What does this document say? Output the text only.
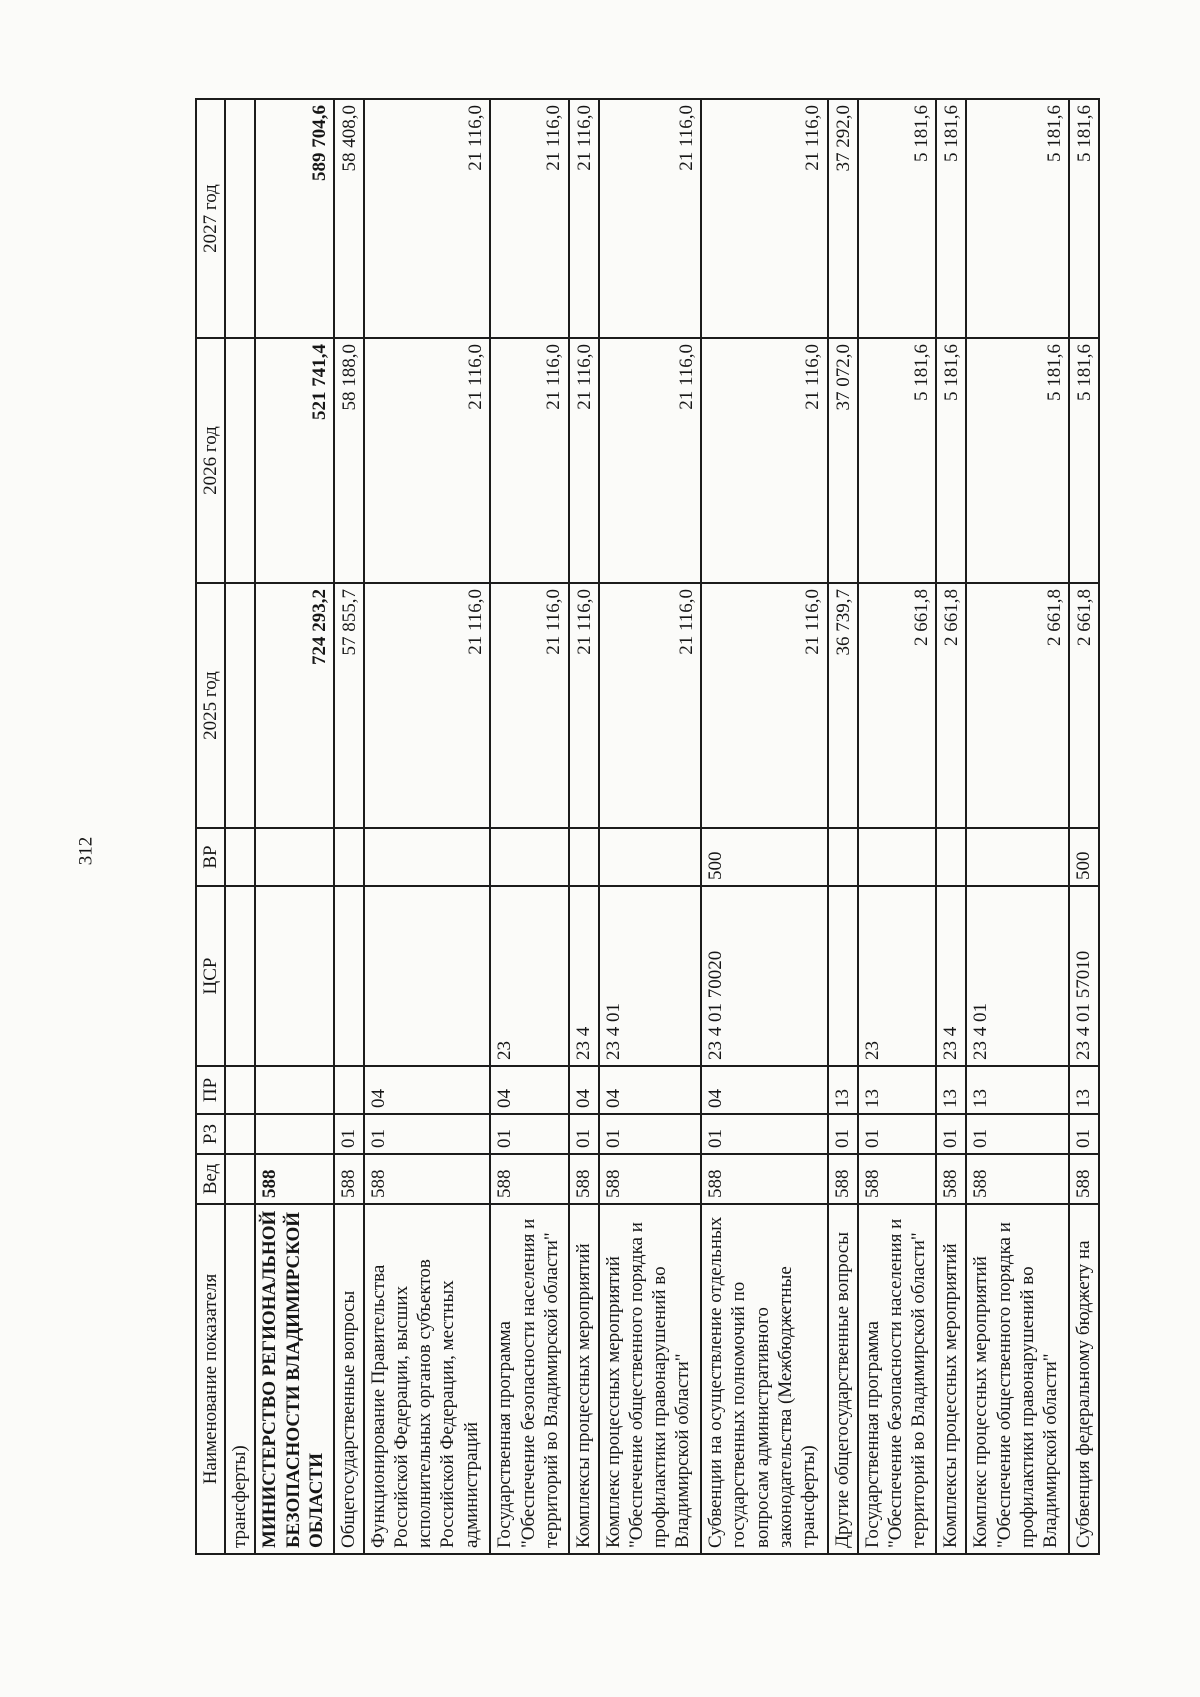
312
Наименование показателя	Вед	РЗ	ПР	ЦСР	ВР	2025 год	2026 год	2027 год
трансферты)								
МИНИСТЕРСТВО РЕГИОНАЛЬНОЙ БЕЗОПАСНОСТИ ВЛАДИМИРСКОЙ ОБЛАСТИ	588					724 293,2	521 741,4	589 704,6
Общегосударственные вопросы	588	01				57 855,7	58 188,0	58 408,0
Функционирование Правительства Российской Федерации, высших исполнительных органов субъектов Российской Федерации, местных администраций	588	01	04			21 116,0	21 116,0	21 116,0
Государственная программа "Обеспечение безопасности населения и территорий во Владимирской области"	588	01	04	23		21 116,0	21 116,0	21 116,0
Комплексы процессных мероприятий	588	01	04	23 4		21 116,0	21 116,0	21 116,0
Комплекс процессных мероприятий "Обеспечение общественного порядка и профилактики правонарушений во Владимирской области"	588	01	04	23 4 01		21 116,0	21 116,0	21 116,0
Субвенции на осуществление отдельных государственных полномочий по вопросам административного законодательства (Межбюджетные трансферты)	588	01	04	23 4 01 70020	500	21 116,0	21 116,0	21 116,0
Другие общегосударственные вопросы	588	01	13			36 739,7	37 072,0	37 292,0
Государственная программа "Обеспечение безопасности населения и территорий во Владимирской области"	588	01	13	23		2 661,8	5 181,6	5 181,6
Комплексы процессных мероприятий	588	01	13	23 4		2 661,8	5 181,6	5 181,6
Комплекс процессных мероприятий "Обеспечение общественного порядка и профилактики правонарушений во Владимирской области"	588	01	13	23 4 01		2 661,8	5 181,6	5 181,6
Субвенция федеральному бюджету на	588	01	13	23 4 01 57010	500	2 661,8	5 181,6	5 181,6
